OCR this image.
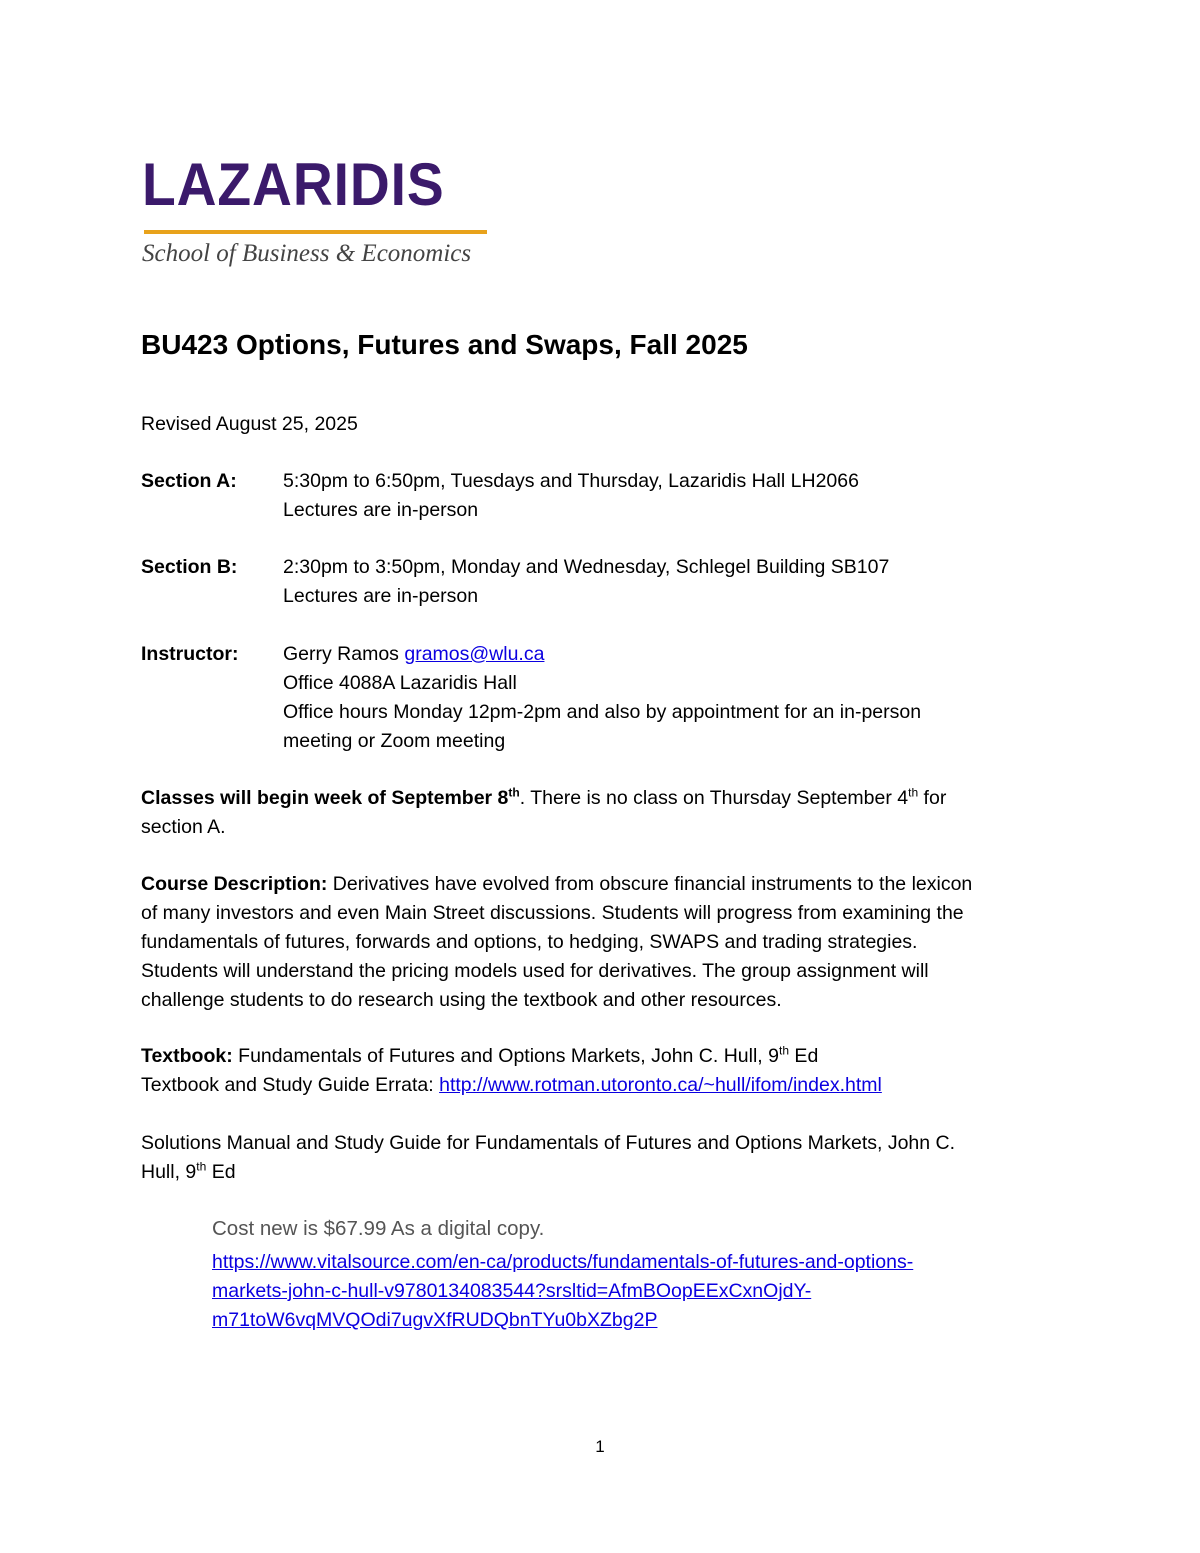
LAZARIDIS
School of Business & Economics
BU423 Options, Futures and Swaps, Fall 2025
Revised August 25, 2025
Section A: 5:30pm to 6:50pm, Tuesdays and Thursday, Lazaridis Hall LH2066
Lectures are in-person
Section B: 2:30pm to 3:50pm, Monday and Wednesday, Schlegel Building SB107
Lectures are in-person
Instructor: Gerry Ramos gramos@wlu.ca
Office 4088A Lazaridis Hall
Office hours Monday 12pm-2pm and also by appointment for an in-person
meeting or Zoom meeting
Classes will begin week of September 8th. There is no class on Thursday September 4th for
section A.
Course Description: Derivatives have evolved from obscure financial instruments to the lexicon
of many investors and even Main Street discussions. Students will progress from examining the
fundamentals of futures, forwards and options, to hedging, SWAPS and trading strategies.
Students will understand the pricing models used for derivatives. The group assignment will
challenge students to do research using the textbook and other resources.
Textbook: Fundamentals of Futures and Options Markets, John C. Hull, 9th Ed
Textbook and Study Guide Errata: http://www.rotman.utoronto.ca/~hull/ifom/index.html
Solutions Manual and Study Guide for Fundamentals of Futures and Options Markets, John C.
Hull, 9th Ed
Cost new is $67.99 As a digital copy.
https://www.vitalsource.com/en-ca/products/fundamentals-of-futures-and-options-
markets-john-c-hull-v9780134083544?srsltid=AfmBOopEExCxnOjdY-
m71toW6vqMVQOdi7ugvXfRUDQbnTYu0bXZbg2P
1
